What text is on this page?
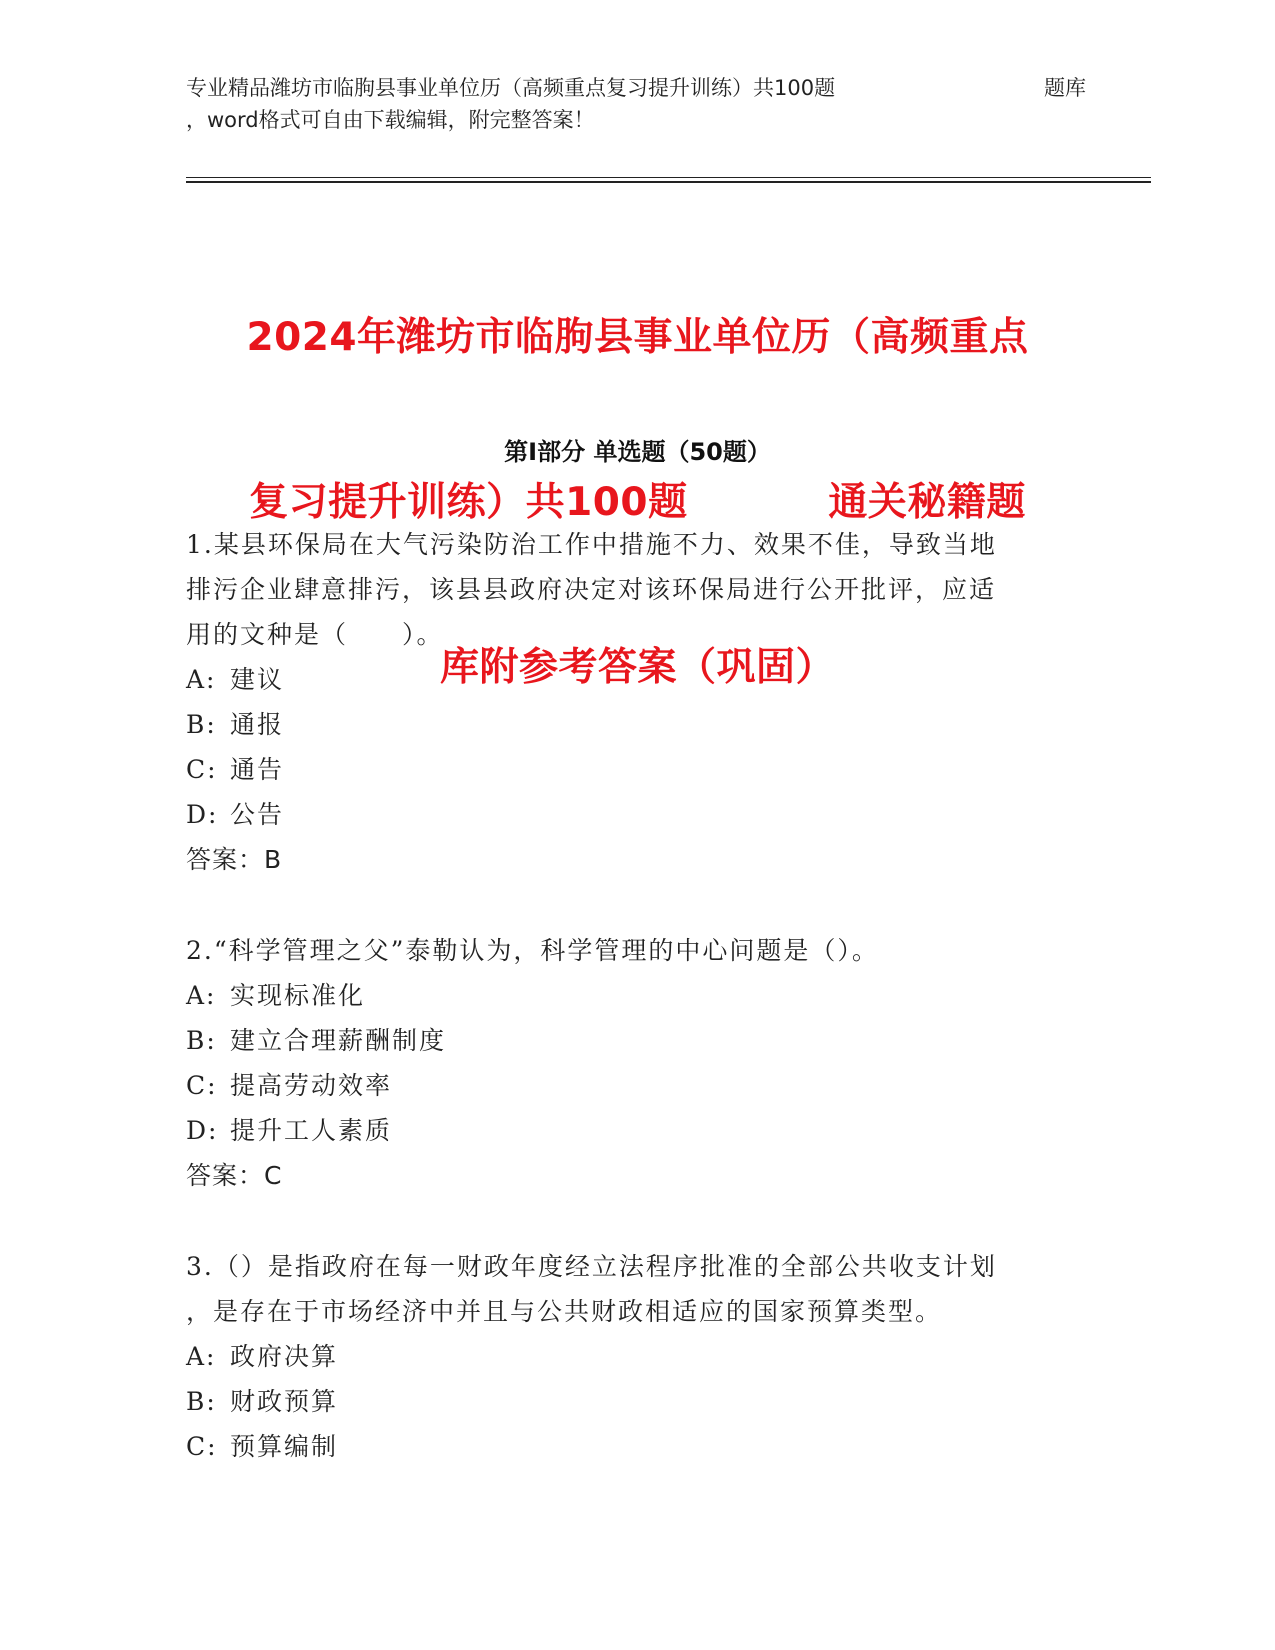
专业精品潍坊市临朐县事业单位历（高频重点复习提升训练）共100题	题库
，word格式可自由下载编辑，附完整答案！

2024年潍坊市临朐县事业单位历（高频重点

复习提升训练）共100题          通关秘籍题

库附参考答案（巩固）

第Ⅰ部分 单选题（50题）
1.某县环保局在大气污染防治工作中措施不力、效果不佳，导致当地
排污企业肆意排污，该县县政府决定对该环保局进行公开批评，应适
用的文种是（　　）。
A: 建议
B: 通报
C: 通告
D: 公告
答案：B
2.“科学管理之父”泰勒认为，科学管理的中心问题是（）。
A: 实现标准化
B: 建立合理薪酬制度
C: 提高劳动效率
D: 提升工人素质
答案：C
3.（）是指政府在每一财政年度经立法程序批准的全部公共收支计划
，是存在于市场经济中并且与公共财政相适应的国家预算类型。
A: 政府决算
B: 财政预算
C: 预算编制
